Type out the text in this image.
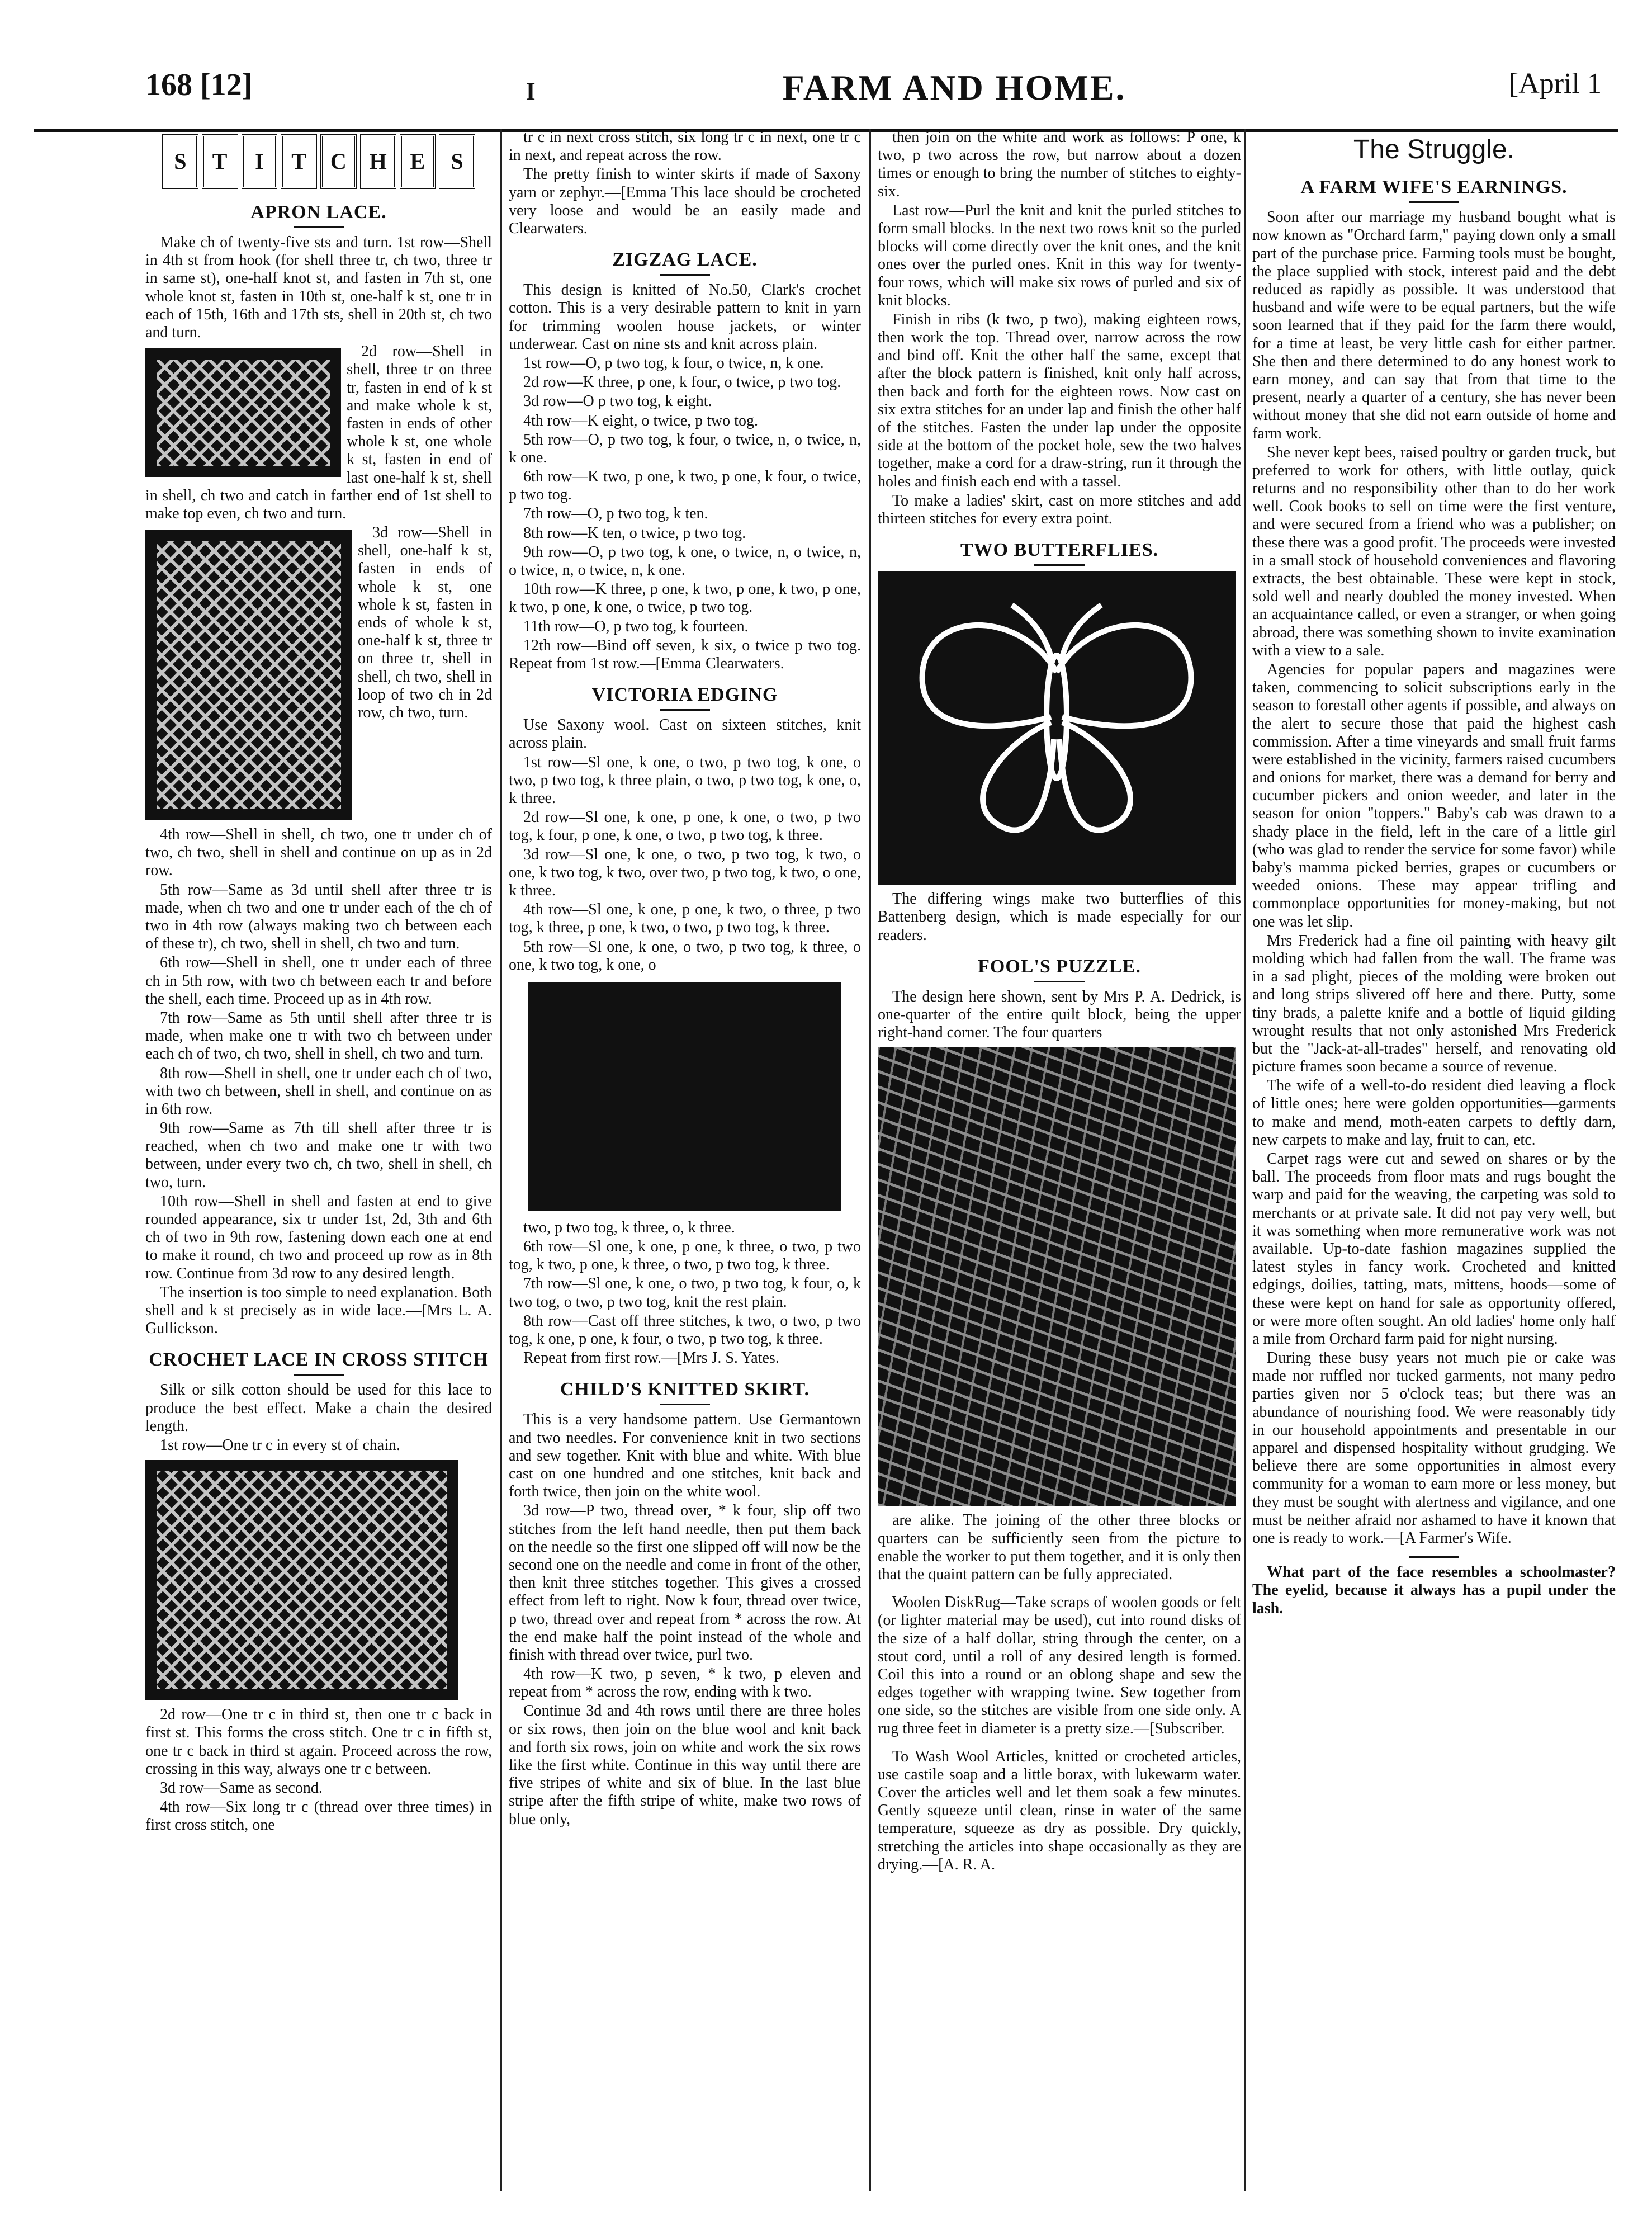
168 [12]	I	FARM AND HOME.	[April 1
S	T	I	T	C	H	E	S
APRON LACE.

Make ch of twenty-five sts and turn. 1st row—Shell in 4th st from hook (for shell three tr, ch two, three tr in same st), one-half knot st, and fasten in 7th st, one whole knot st, fasten in 10th st, one-half k st, one tr in each of 15th, 16th and 17th sts, shell in 20th st, ch two and turn.

2d row—Shell in shell, three tr on three tr, fasten in end of k st and make whole k st, fasten in ends of other whole k st, one whole k st, fasten in end of last one-half k st, shell in shell, ch two and catch in farther end of 1st shell to make top even, ch two and turn.

3d row—Shell in shell, one-half k st, fasten in ends of whole k st, one whole k st, fasten in ends of whole k st, one-half k st, three tr on three tr, shell in shell, ch two, shell in loop of two ch in 2d row, ch two, turn.

4th row—Shell in shell, ch two, one tr under ch of two, ch two, shell in shell and continue on up as in 2d row.

5th row—Same as 3d until shell after three tr is made, when ch two and one tr under each of the ch of two in 4th row (always making two ch between each of these tr), ch two, shell in shell, ch two and turn.

6th row—Shell in shell, one tr under each of three ch in 5th row, with two ch between each tr and before the shell, each time. Proceed up as in 4th row.

7th row—Same as 5th until shell after three tr is made, when make one tr with two ch between under each ch of two, ch two, shell in shell, ch two and turn.

8th row—Shell in shell, one tr under each ch of two, with two ch between, shell in shell, and continue on as in 6th row.

9th row—Same as 7th till shell after three tr is reached, when ch two and make one tr with two between, under every two ch, ch two, shell in shell, ch two, turn.

10th row—Shell in shell and fasten at end to give rounded appearance, six tr under 1st, 2d, 3th and 6th ch of two in 9th row, fastening down each one at end to make it round, ch two and proceed up row as in 8th row. Continue from 3d row to any desired length.

The insertion is too simple to need explanation. Both shell and k st precisely as in wide lace.—[Mrs L. A. Gullickson.

CROCHET LACE IN CROSS STITCH

Silk or silk cotton should be used for this lace to produce the best effect. Make a chain the desired length.

1st row—One tr c in every st of chain.

2d row—One tr c in third st, then one tr c back in first st. This forms the cross stitch. One tr c in fifth st, one tr c back in third st again. Proceed across the row, crossing in this way, always one tr c between.

3d row—Same as second.

4th row—Six long tr c (thread over three times) in first cross stitch, one

tr c in next cross stitch, six long tr c in next, one tr c in next, and repeat across the row.

The pretty finish to winter skirts if made of Saxony yarn or zephyr.—[Emma This lace should be crocheted very loose and would be an easily made and Clearwaters.

ZIGZAG LACE.

This design is knitted of No.50, Clark's crochet cotton. This is a very desirable pattern to knit in yarn for trimming woolen house jackets, or winter underwear. Cast on nine sts and knit across plain.

1st row—O, p two tog, k four, o twice, n, k one.

2d row—K three, p one, k four, o twice, p two tog.

3d row—O p two tog, k eight.

4th row—K eight, o twice, p two tog.

5th row—O, p two tog, k four, o twice, n, o twice, n, k one.

6th row—K two, p one, k two, p one, k four, o twice, p two tog.

7th row—O, p two tog, k ten.

8th row—K ten, o twice, p two tog.

9th row—O, p two tog, k one, o twice, n, o twice, n, o twice, n, o twice, n, k one.

10th row—K three, p one, k two, p one, k two, p one, k two, p one, k one, o twice, p two tog.

11th row—O, p two tog, k fourteen.

12th row—Bind off seven, k six, o twice p two tog. Repeat from 1st row.—[Emma Clearwaters.

VICTORIA EDGING

Use Saxony wool. Cast on sixteen stitches, knit across plain.

1st row—Sl one, k one, o two, p two tog, k one, o two, p two tog, k three plain, o two, p two tog, k one, o, k three.

2d row—Sl one, k one, p one, k one, o two, p two tog, k four, p one, k one, o two, p two tog, k three.

3d row—Sl one, k one, o two, p two tog, k two, o one, k two tog, k two, over two, p two tog, k two, o one, k three.

4th row—Sl one, k one, p one, k two, o three, p two tog, k three, p one, k two, o two, p two tog, k three.

5th row—Sl one, k one, o two, p two tog, k three, o one, k two tog, k one, o

two, p two tog, k three, o, k three.

6th row—Sl one, k one, p one, k three, o two, p two tog, k two, p one, k three, o two, p two tog, k three.

7th row—Sl one, k one, o two, p two tog, k four, o, k two tog, o two, p two tog, knit the rest plain.

8th row—Cast off three stitches, k two, o two, p two tog, k one, p one, k four, o two, p two tog, k three.

Repeat from first row.—[Mrs J. S. Yates.

CHILD'S KNITTED SKIRT.

This is a very handsome pattern. Use Germantown and two needles. For convenience knit in two sections and sew together. Knit with blue and white. With blue cast on one hundred and one stitches, knit back and forth twice, then join on the white wool.

3d row—P two, thread over, * k four, slip off two stitches from the left hand needle, then put them back on the needle so the first one slipped off will now be the second one on the needle and come in front of the other, then knit three stitches together. This gives a crossed effect from left to right. Now k four, thread over twice, p two, thread over and repeat from * across the row. At the end make half the point instead of the whole and finish with thread over twice, purl two.

4th row—K two, p seven, * k two, p eleven and repeat from * across the row, ending with k two.

Continue 3d and 4th rows until there are three holes or six rows, then join on the blue wool and knit back and forth six rows, join on white and work the six rows like the first white. Continue in this way until there are five stripes of white and six of blue. In the last blue stripe after the fifth stripe of white, make two rows of blue only,

then join on the white and work as follows: P one, k two, p two across the row, but narrow about a dozen times or enough to bring the number of stitches to eighty-six.

Last row—Purl the knit and knit the purled stitches to form small blocks. In the next two rows knit so the purled blocks will come directly over the knit ones, and the knit ones over the purled ones. Knit in this way for twenty-four rows, which will make six rows of purled and six of knit blocks.

Finish in ribs (k two, p two), making eighteen rows, then work the top. Thread over, narrow across the row and bind off. Knit the other half the same, except that after the block pattern is finished, knit only half across, then back and forth for the eighteen rows. Now cast on six extra stitches for an under lap and finish the other half of the stitches. Fasten the under lap under the opposite side at the bottom of the pocket hole, sew the two halves together, make a cord for a draw-string, run it through the holes and finish each end with a tassel.

To make a ladies' skirt, cast on more stitches and add thirteen stitches for every extra point.

TWO BUTTERFLIES.

The differing wings make two butterflies of this Battenberg design, which is made especially for our readers.

FOOL'S PUZZLE.

The design here shown, sent by Mrs P. A. Dedrick, is one-quarter of the entire quilt block, being the upper right-hand corner. The four quarters

are alike. The joining of the other three blocks or quarters can be sufficiently seen from the picture to enable the worker to put them together, and it is only then that the quaint pattern can be fully appreciated.

Woolen DiskRug—Take scraps of woolen goods or felt (or lighter material may be used), cut into round disks of the size of a half dollar, string through the center, on a stout cord, until a roll of any desired length is formed. Coil this into a round or an oblong shape and sew the edges together with wrapping twine. Sew together from one side, so the stitches are visible from one side only. A rug three feet in diameter is a pretty size.—[Subscriber.

To Wash Wool Articles, knitted or crocheted articles, use castile soap and a little borax, with lukewarm water. Cover the articles well and let them soak a few minutes. Gently squeeze until clean, rinse in water of the same temperature, squeeze as dry as possible. Dry quickly, stretching the articles into shape occasionally as they are drying.—[A. R. A.

The Struggle.
A FARM WIFE'S EARNINGS.

Soon after our marriage my husband bought what is now known as "Orchard farm," paying down only a small part of the purchase price. Farming tools must be bought, the place supplied with stock, interest paid and the debt reduced as rapidly as possible. It was understood that husband and wife were to be equal partners, but the wife soon learned that if they paid for the farm there would, for a time at least, be very little cash for either partner. She then and there determined to do any honest work to earn money, and can say that from that time to the present, nearly a quarter of a century, she has never been without money that she did not earn outside of home and farm work.

She never kept bees, raised poultry or garden truck, but preferred to work for others, with little outlay, quick returns and no responsibility other than to do her work well. Cook books to sell on time were the first venture, and were secured from a friend who was a publisher; on these there was a good profit. The proceeds were invested in a small stock of household conveniences and flavoring extracts, the best obtainable. These were kept in stock, sold well and nearly doubled the money invested. When an acquaintance called, or even a stranger, or when going abroad, there was something shown to invite examination with a view to a sale.

Agencies for popular papers and magazines were taken, commencing to solicit subscriptions early in the season to forestall other agents if possible, and always on the alert to secure those that paid the highest cash commission. After a time vineyards and small fruit farms were established in the vicinity, farmers raised cucumbers and onions for market, there was a demand for berry and cucumber pickers and onion weeder, and later in the season for onion "toppers." Baby's cab was drawn to a shady place in the field, left in the care of a little girl (who was glad to render the service for some favor) while baby's mamma picked berries, grapes or cucumbers or weeded onions. These may appear trifling and commonplace opportunities for money-making, but not one was let slip.

Mrs Frederick had a fine oil painting with heavy gilt molding which had fallen from the wall. The frame was in a sad plight, pieces of the molding were broken out and long strips slivered off here and there. Putty, some tiny brads, a palette knife and a bottle of liquid gilding wrought results that not only astonished Mrs Frederick but the "Jack-at-all-trades" herself, and renovating old picture frames soon became a source of revenue.

The wife of a well-to-do resident died leaving a flock of little ones; here were golden opportunities—garments to make and mend, moth-eaten carpets to deftly darn, new carpets to make and lay, fruit to can, etc.

Carpet rags were cut and sewed on shares or by the ball. The proceeds from floor mats and rugs bought the warp and paid for the weaving, the carpeting was sold to merchants or at private sale. It did not pay very well, but it was something when more remunerative work was not available. Up-to-date fashion magazines supplied the latest styles in fancy work. Crocheted and knitted edgings, doilies, tatting, mats, mittens, hoods—some of these were kept on hand for sale as opportunity offered, or were more often sought. An old ladies' home only half a mile from Orchard farm paid for night nursing.

During these busy years not much pie or cake was made nor ruffled nor tucked garments, not many pedro parties given nor 5 o'clock teas; but there was an abundance of nourishing food. We were reasonably tidy in our household appointments and presentable in our apparel and dispensed hospitality without grudging. We believe there are some opportunities in almost every community for a woman to earn more or less money, but they must be sought with alertness and vigilance, and one must be neither afraid nor ashamed to have it known that one is ready to work.—[A Farmer's Wife.

What part of the face resembles a schoolmaster? The eyelid, because it always has a pupil under the lash.
